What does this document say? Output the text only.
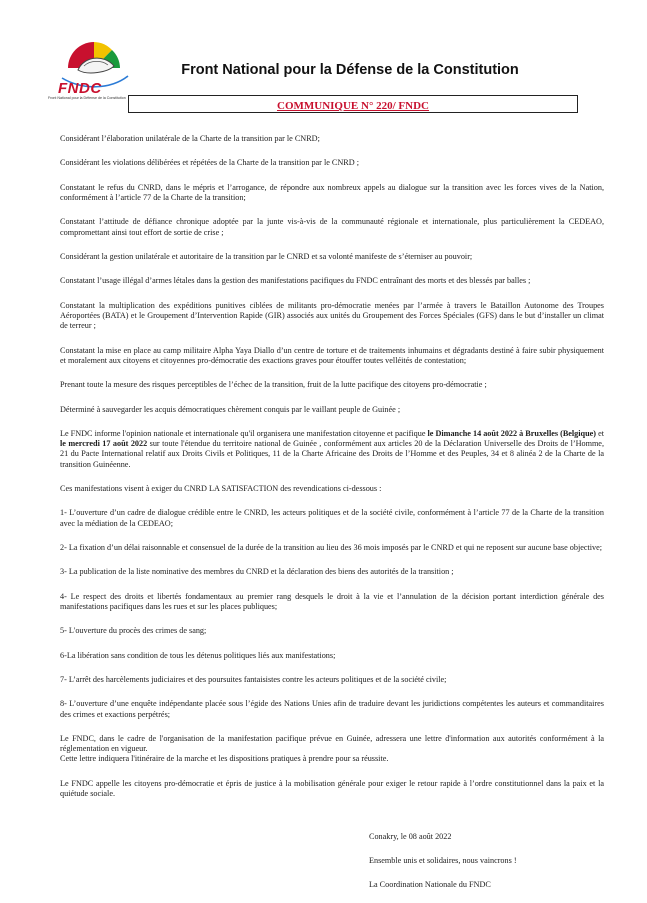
FNDC
Front National pour la Défense de la Constitution
Front National pour la Défense de la Constitution
COMMUNIQUE N° 220/ FNDC

Considérant l’élaboration unilatérale de la Charte de la transition par le CNRD;

Considérant les violations délibérées et répétées de la Charte de la transition par le CNRD ;

Constatant le refus du CNRD, dans le mépris et l’arrogance, de répondre aux nombreux appels au dialogue sur la transition avec les forces vives de la Nation, conformément à l’article 77 de la Charte de la transition;

Constatant l’attitude de défiance chronique adoptée par la junte vis-à-vis de la communauté régionale et internationale, plus particulièrement la CEDEAO, compromettant ainsi tout effort de sortie de crise ;

Considérant la gestion unilatérale et autoritaire de la transition par le CNRD et sa volonté manifeste de s’éterniser au pouvoir;

Constatant l’usage illégal d’armes létales dans la gestion des manifestations pacifiques du FNDC entraînant des morts et des blessés par balles ;

Constatant la multiplication des expéditions punitives ciblées de militants pro-démocratie menées par l’armée à travers le Bataillon Autonome des Troupes Aéroportées (BATA) et le Groupement d’Intervention Rapide (GIR) associés aux unités du Groupement des Forces Spéciales (GFS) dans le but d’installer un climat de terreur ;

Constatant la mise en place au camp militaire Alpha Yaya Diallo d’un centre de torture et de traitements inhumains et dégradants destiné à faire subir physiquement et moralement aux citoyens et citoyennes pro-démocratie des exactions graves pour étouffer toutes velléités de contestation;

Prenant toute la mesure des risques perceptibles de l’échec de la transition, fruit de la lutte pacifique des citoyens pro-démocratie ;

Déterminé à sauvegarder les acquis démocratiques chèrement conquis par le vaillant peuple de Guinée ;

Le FNDC informe l'opinion nationale et internationale qu'il organisera une manifestation citoyenne et pacifique le Dimanche 14 août 2022 à Bruxelles (Belgique) et le mercredi 17 août 2022 sur toute l'étendue du territoire national de Guinée , conformément aux articles 20 de la Déclaration Universelle des Droits de l’Homme, 21 du Pacte International relatif aux Droits Civils et Politiques, 11 de la Charte Africaine des Droits de l’Homme et des Peuples, 34 et 8 alinéa 2 de la Charte de la transition Guinéenne.

Ces manifestations visent à exiger du CNRD LA SATISFACTION des revendications ci-dessous :

1- L’ouverture d’un cadre de dialogue crédible entre le CNRD, les acteurs politiques et de la société civile, conformément à l’article 77 de la Charte de la transition avec la médiation de la CEDEAO;

2- La fixation d’un délai raisonnable et consensuel de la durée de la transition au lieu des 36 mois imposés par le CNRD et qui ne reposent sur aucune base objective;

3- La publication de la liste nominative des membres du CNRD et la déclaration des biens des autorités de la transition ;

4- Le respect des droits et libertés fondamentaux au premier rang desquels le droit à la vie et l’annulation de la décision portant interdiction générale des manifestations pacifiques dans les rues et sur les places publiques;

5- L'ouverture du procès des crimes de sang;

6-La libération sans condition de tous les détenus politiques liés aux manifestations;

7- L’arrêt des harcèlements judiciaires et des poursuites fantaisistes contre les acteurs politiques et de la société civile;

8- L’ouverture d’une enquête indépendante placée sous l’égide des Nations Unies afin de traduire devant les juridictions compétentes les auteurs et commanditaires des crimes et exactions perpétrés;

Le FNDC, dans le cadre de l'organisation de la manifestation pacifique prévue en Guinée, adressera une lettre d'information aux autorités conformément à la réglementation en vigueur.
Cette lettre indiquera l'itinéraire de la marche et les dispositions pratiques à prendre pour sa réussite.

Le FNDC appelle les citoyens pro-démocratie et épris de justice à la mobilisation générale pour exiger le retour rapide à l’ordre constitutionnel dans la paix et la quiétude sociale.

Conakry, le 08 août 2022
Ensemble unis et solidaires, nous vaincrons !
La Coordination Nationale du FNDC
